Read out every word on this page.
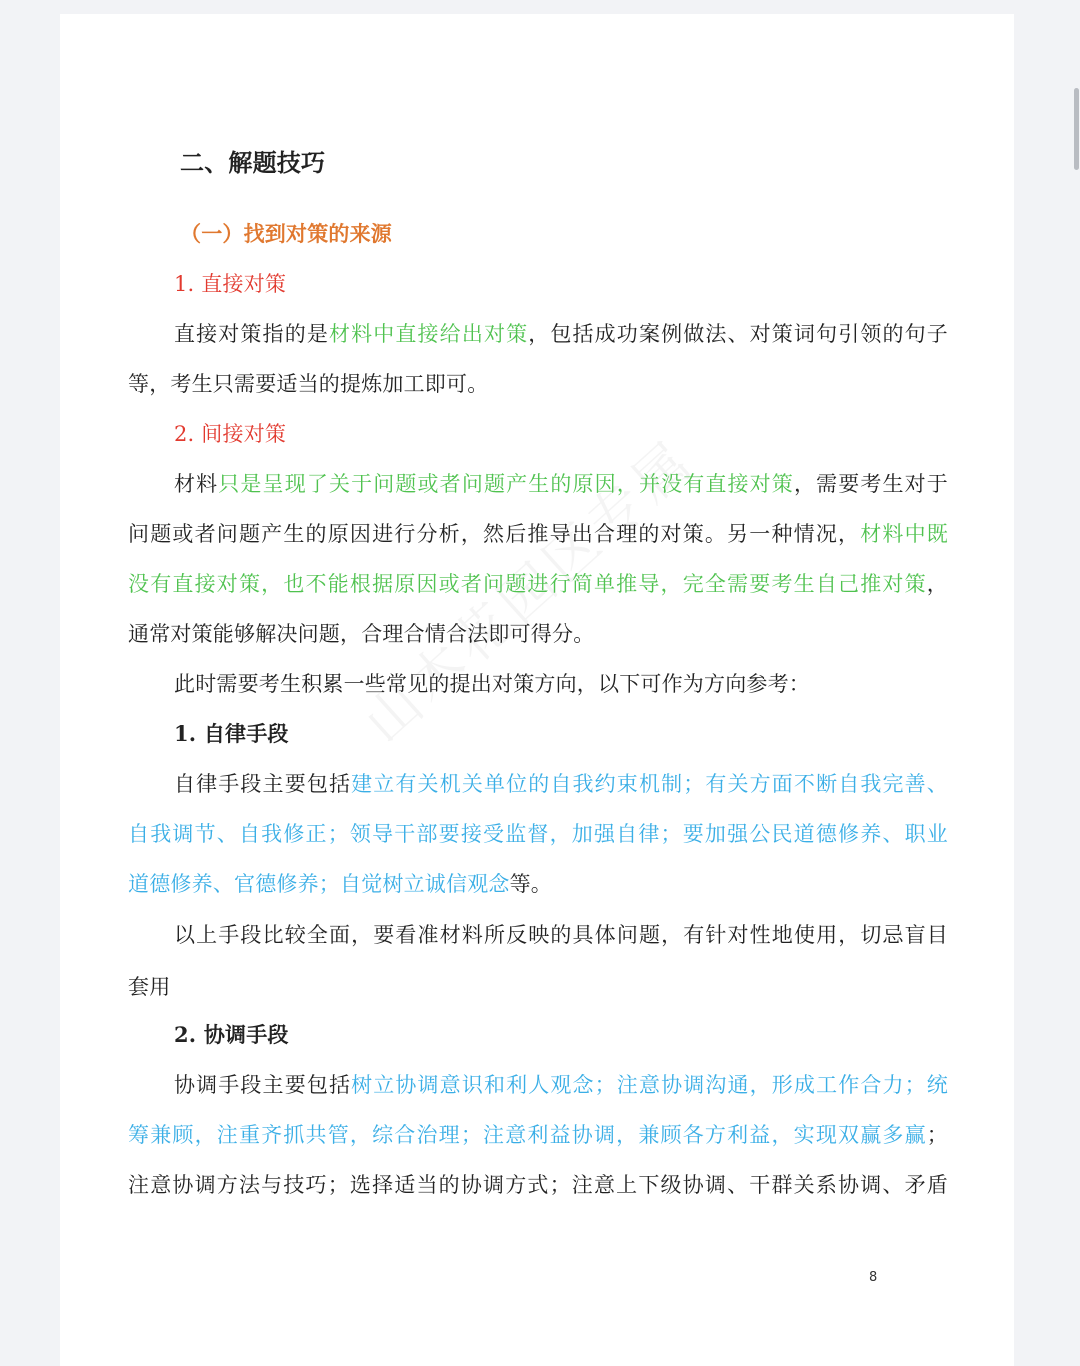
二、解题技巧
（一）找到对策的来源
1. 直接对策
直接对策指的是材料中直接给出对策，包括成功案例做法、对策词句引领的句子
等，考生只需要适当的提炼加工即可。
2. 间接对策
材料只是呈现了关于问题或者问题产生的原因，并没有直接对策，需要考生对于
问题或者问题产生的原因进行分析，然后推导出合理的对策。另一种情况，材料中既
没有直接对策，也不能根据原因或者问题进行简单推导，完全需要考生自己推对策，
通常对策能够解决问题，合理合情合法即可得分。
此时需要考生积累一些常见的提出对策方向，以下可作为方向参考：
1. 自律手段
自律手段主要包括建立有关机关单位的自我约束机制；有关方面不断自我完善、
自我调节、自我修正；领导干部要接受监督，加强自律；要加强公民道德修养、职业
道德修养、官德修养；自觉树立诚信观念等。
以上手段比较全面，要看准材料所反映的具体问题，有针对性地使用，切忌盲目
套用
2. 协调手段
协调手段主要包括树立协调意识和利人观念；注意协调沟通，形成工作合力；统
筹兼顾，注重齐抓共管，综合治理；注意利益协调，兼顾各方利益，实现双赢多赢；
注意协调方法与技巧；选择适当的协调方式；注意上下级协调、干群关系协调、矛盾
8
